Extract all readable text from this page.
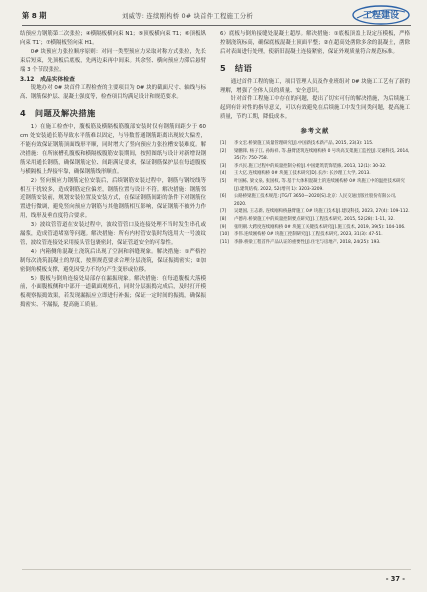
第 8 期	刘威等: 连续刚构桥 0# 块首件工程施工分析	工程建设

结预应力钢筋第二次张拉；④横隔板横向束 N1；⑤顶板横向束 T1；⑥顶板纵向束 T1′；⑦横隔板竖向束 H1。

0# 块预应力张拉顺序原则：对同一类型预应力采取对称方式张拉，先长束后短束，先顶板后底板，先两边束再中间束。其余竖、横向预应力滞后悬臂端 3 个节段张拉。

3.12　成品实体检查

锐地办对 0# 块首件工程检查的主要项目为 0# 块的截面尺寸、轴线与标高、钢筋保护层、混凝土强度等，检查项目均满足设计和规范要求。

4　问题及解决措施

1）在施工检查中，腹板筋及横隔板筋腹部安装时仅有钢筋间距少于 60 cm 处安装通长筋导致水平筋难以固定，与导数普通钢筋距离出现较大偏差，不能有效保证钢筋顶面线形平顺，同时增大了竖向预应力张拉槽安装难度。解决措施：在所嵌槽孔腹板和横隔板腹筋安装期间，按照图纸与设计对新增设钢筋采用通长钢筋，确保钢筋定位、间距满足要求，保证钢筋保护层在每道腹板与横隔板上焊接牢靠，确保钢筋线形顺直。

2）竖向预应力钢筋定位安装后，后续钢筋安装过程中，钢筋与钢绞线等相互干扰较多，造成钢筋定位偏差，钢筋位置与设计不符。解决措施：钢筋邻近钢筋安装前，规划安装位置及安装方式，在保证钢筋间距的条件下对钢筋位置进行微调，避免竖向预应力钢筋与其他钢筋相互影响，保证钢筋不被外力作用，线形及垂直度符合要求。

3）波纹管管道在安装过程中，波纹管管口及连接处理不当时发生串孔或漏浆，造成管道堵塞等问题。解决措施：所有内衬管安装时均选用大一号波纹管，波纹管连接处采用接头管包裹密封，保证管道安全的可靠性。

4）内箱侧角混凝土浇筑后出现了空洞和斜缝现象。解决措施：①严格控制每次浇筑混凝土的厚度，按照规范要求合理分层浇筑，保证振捣密实；②加密倒角模板支撑，避免因受力不均匀产生变形或位移。

5）腹板与倒角连接处局部存在漏振现象。解决措施：在每道腹板大落模前，小面腹板侧和中部开一道截面观察孔，同时分层振捣完成后，及时打开模板观察振捣效果，若发现漏振应立即进行补振；保证一定时间的振捣，确保振捣密实、不漏振，提高施工质量。

6）底板与倒角接缝处混凝土超厚。解决措施：①底板顶盖上设定压模板，严格控制浇筑标高，确保底板混凝土顶面平整；②在超高处凿除多余的混凝土，凿除后对表面进行处理，使新旧混凝土连接紧密，保证外观质量符合规范标准。

5　结语

通过首件工程的施工，项目管理人员及作业班组对 0# 块施工工艺有了新的理解，增强了全体人员的质量、安全意识。

针对首件工程施工中存在的问题，提出了切实可行的解决措施，为后续施工起到有针对性的指导意义，可以有效避免在后续施工中发生同类问题，提高施工质量，节约工期，降低成本。

参考文献
[1] 李文宏.桥梁施工质量管理研究[J].中国新技术新产品, 2015, 23(3): 115.
[2] 梁鹏锋, 杨子江, 孙海祥, 等.悬臂浇筑连续刚构桥 0 号块高支架施工监控[J].交通科技, 2014, 35(7): 750-758.
[3] 李兴民.施工过程中的质量控制分析[J].中国建筑装饰装修, 2013, 12(1): 30-32.
[4] 王大亿.连续刚构桥 0# 块施工技术研究[D].长沙: 长沙理工大学, 2013.
[5] 叶国栋, 梁文泉, 张国权, 等.基于大体积混凝土的连续刚构桥 0# 块施工中的温控技术研究[J].建筑结构, 2022, 52(增刊 1): 3203-3209.
[6] 公路桥梁施工技术规范: JTG/T 3650—2020[S].北京: 人民交通出版社股份有限公司, 2020.
[7] 吴建国, 王志新, 连续刚构桥悬臂施工 0# 块施工技术[J].建设科技, 2023, 27(4): 109-112.
[8] 卢德舟.桥梁施工中的质量控制要点研究[J].工程技术研究, 2015, 52(28): 1-11, 32.
[9] 张明朝.大跨度连续刚构桥 0# 块施工关键技术研究[J].施工技术, 2019, 39(5): 104-106.
[10] 李伟.连续刚构桥 0# 块施工控制研究[J].工程技术研究, 2023, 31(3): 47-51.
[11] 李静.桥梁工程首件产品认证的重要性[J].住宅与房地产, 2018, 24(25): 193.
- 37 -
